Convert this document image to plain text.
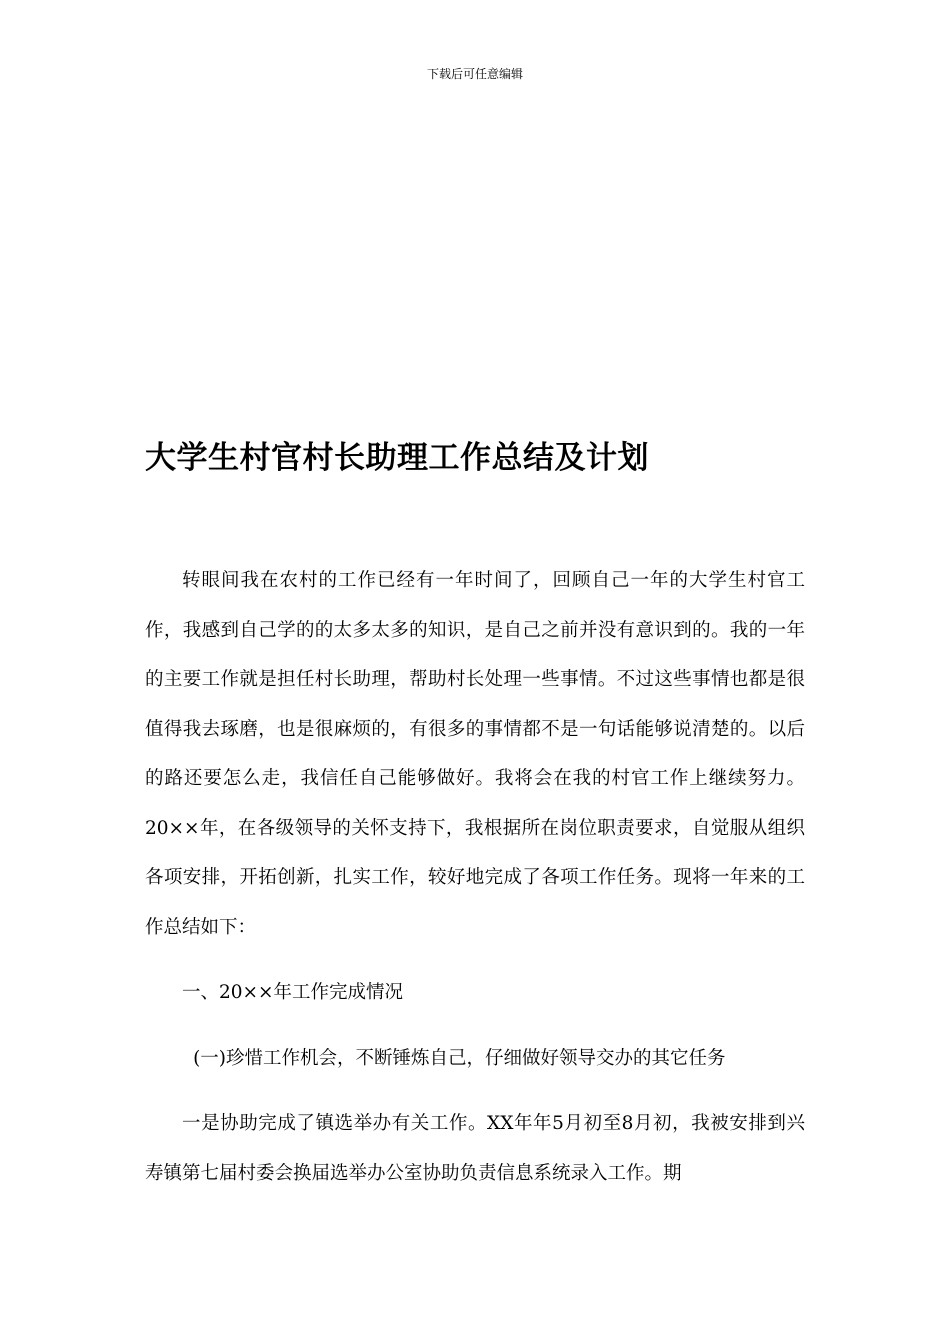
下载后可任意编辑
大学生村官村长助理工作总结及计划

转眼间我在农村的工作已经有一年时间了，回顾自己一年的大学生村官工作，我感到自己学的的太多太多的知识，是自己之前并没有意识到的。我的一年的主要工作就是担任村长助理，帮助村长处理一些事情。不过这些事情也都是很值得我去琢磨，也是很麻烦的，有很多的事情都不是一句话能够说清楚的。以后的路还要怎么走，我信任自己能够做好。我将会在我的村官工作上继续努力。20××年，在各级领导的关怀支持下，我根据所在岗位职责要求，自觉服从组织各项安排，开拓创新，扎实工作，较好地完成了各项工作任务。现将一年来的工作总结如下：

一、20××年工作完成情况

(一)珍惜工作机会，不断锤炼自己，仔细做好领导交办的其它任务

一是协助完成了镇选举办有关工作。XX年年5月初至8月初，我被安排到兴寿镇第七届村委会换届选举办公室协助负责信息系统录入工作。期
